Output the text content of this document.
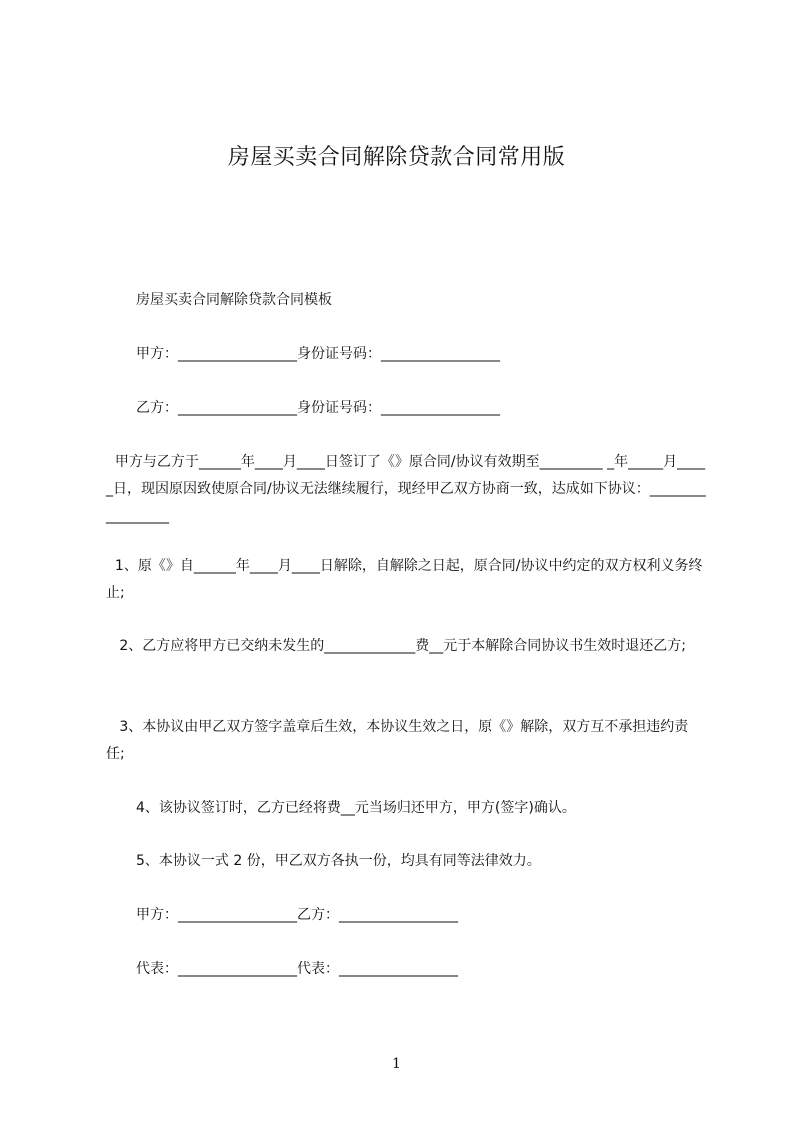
房屋买卖合同解除贷款合同常用版

房屋买卖合同解除贷款合同模板

甲方：_________________身份证号码：_________________

乙方：_________________身份证号码：_________________

甲方与乙方于______年____月____日签订了《》原合同/协议有效期至_________ _年_____月_____日，现因原因致使原合同/协议无法继续履行，现经甲乙双方协商一致，达成如下协议：_________________

1、原《》自______年____月____日解除，自解除之日起，原合同/协议中约定的双方权利义务终止;

2、乙方应将甲方已交纳未发生的_____________费__元于本解除合同协议书生效时退还乙方;

3、本协议由甲乙双方签字盖章后生效，本协议生效之日，原《》解除，双方互不承担违约责任;

4、该协议签订时，乙方已经将费__元当场归还甲方，甲方(签字)确认。

5、本协议一式 2 份，甲乙双方各执一份，均具有同等法律效力。

甲方：_________________乙方：_________________

代表：_________________代表：_________________

1
